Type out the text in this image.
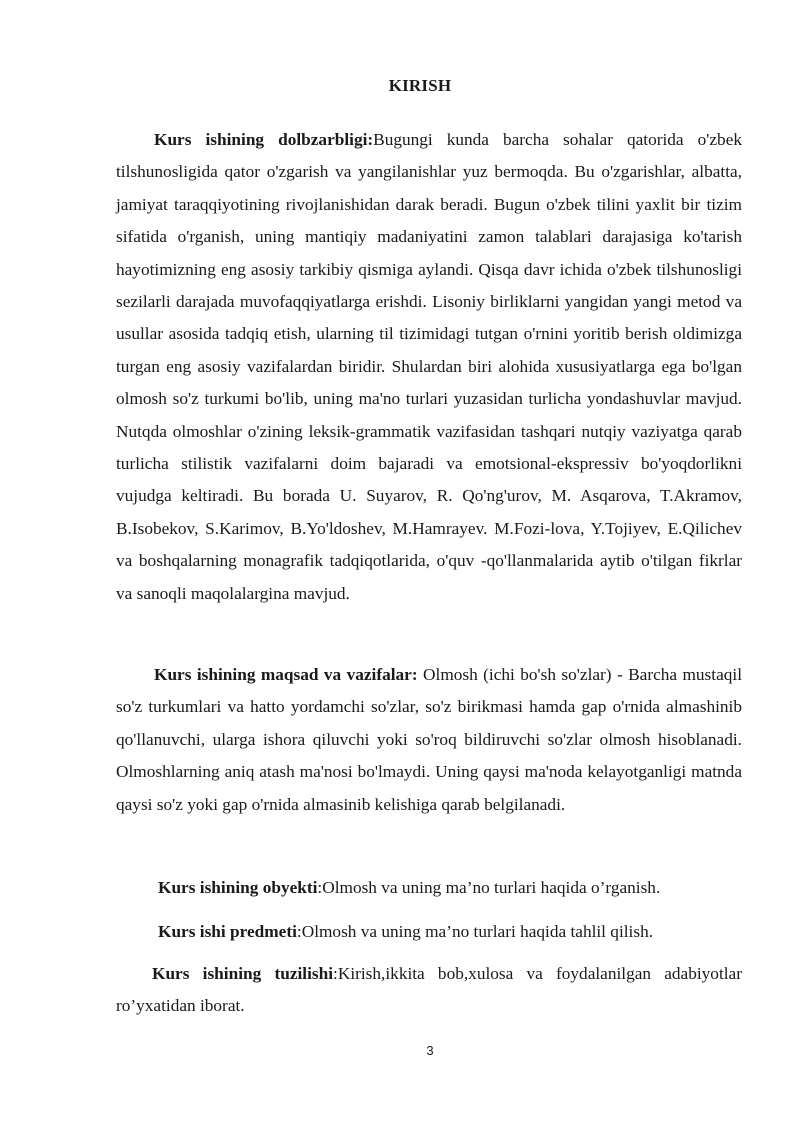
KIRISH

Kurs ishining dolbzarbligi:Bugungi kunda barcha sohalar qatorida o'zbek tilshunosligida qator o'zgarish va yangilanishlar yuz bermoqda. Bu o'zgarishlar, albatta, jamiyat taraqqiyotining rivojlanishidan darak beradi. Bugun o'zbek tilini yaxlit bir tizim sifatida o'rganish, uning mantiqiy madaniyatini zamon talablari darajasiga ko'tarish hayotimizning eng asosiy tarkibiy qismiga aylandi. Qisqa davr ichida o'zbek tilshunosligi sezilarli darajada muvofaqqiyatlarga erishdi. Lisoniy birliklarni yangidan yangi metod va usullar asosida tadqiq etish, ularning til tizimidagi tutgan o'rnini yoritib berish oldimizga turgan eng asosiy vazifalardan biridir. Shulardan biri alohida xususiyatlarga ega bo'lgan olmosh so'z turkumi bo'lib, uning ma'no turlari yuzasidan turlicha yondashuvlar mavjud. Nutqda olmoshlar o'zining leksik-grammatik vazifasidan tashqari nutqiy vaziyatga qarab turlicha stilistik vazifalarni doim bajaradi va emotsional-ekspressiv bo'yoqdorlikni vujudga keltiradi. Bu borada U. Suyarov, R. Qo'ng'urov, M. Asqarova, T.Akramov, B.Isobekov, S.Karimov, B.Yo'ldoshev, M.Hamrayev. M.Fozi-lova, Y.Tojiyev, E.Qilichev va boshqalarning monagrafik tadqiqotlarida, o'quv -qo'llanmalarida aytib o'tilgan fikrlar va sanoqli maqolalargina mavjud.

Kurs ishining maqsad va vazifalar: Olmosh (ichi bo'sh so'zlar) - Barcha mustaqil so'z turkumlari va hatto yordamchi so'zlar, so'z birikmasi hamda gap o'rnida almashinib qo'llanuvchi, ularga ishora qiluvchi yoki so'roq bildiruvchi so'zlar olmosh hisoblanadi. Olmoshlarning aniq atash ma'nosi bo'lmaydi. Uning qaysi ma'noda kelayotganligi matnda qaysi so'z yoki gap o'rnida almasinib kelishiga qarab belgilanadi.

Kurs ishining obyekti:Olmosh va uning ma’no turlari haqida o’rganish.

Kurs ishi predmeti:Olmosh va uning ma’no turlari haqida tahlil qilish.

Kurs ishining tuzilishi:Kirish,ikkita bob,xulosa va foydalanilgan adabiyotlar ro’yxatidan iborat.

3
